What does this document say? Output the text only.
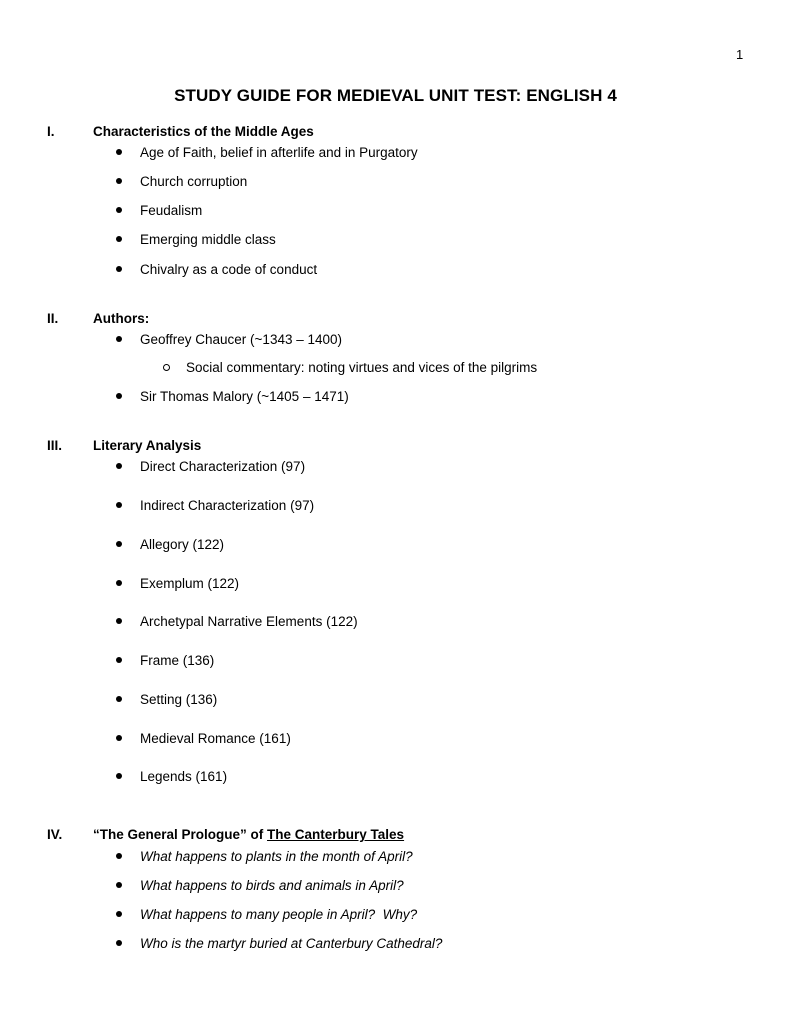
1
STUDY GUIDE FOR MEDIEVAL UNIT TEST: ENGLISH 4
I.	Characteristics of the Middle Ages
Age of Faith, belief in afterlife and in Purgatory
Church corruption
Feudalism
Emerging middle class
Chivalry as a code of conduct
II.	Authors:
Geoffrey Chaucer (~1343 – 1400)
Social commentary: noting virtues and vices of the pilgrims
Sir Thomas Malory (~1405 – 1471)
III. Literary Analysis
Direct Characterization (97)
Indirect Characterization (97)
Allegory (122)
Exemplum (122)
Archetypal Narrative Elements (122)
Frame (136)
Setting (136)
Medieval Romance (161)
Legends (161)
IV. “The General Prologue” of The Canterbury Tales
What happens to plants in the month of April?
What happens to birds and animals in April?
What happens to many people in April?  Why?
Who is the martyr buried at Canterbury Cathedral?
